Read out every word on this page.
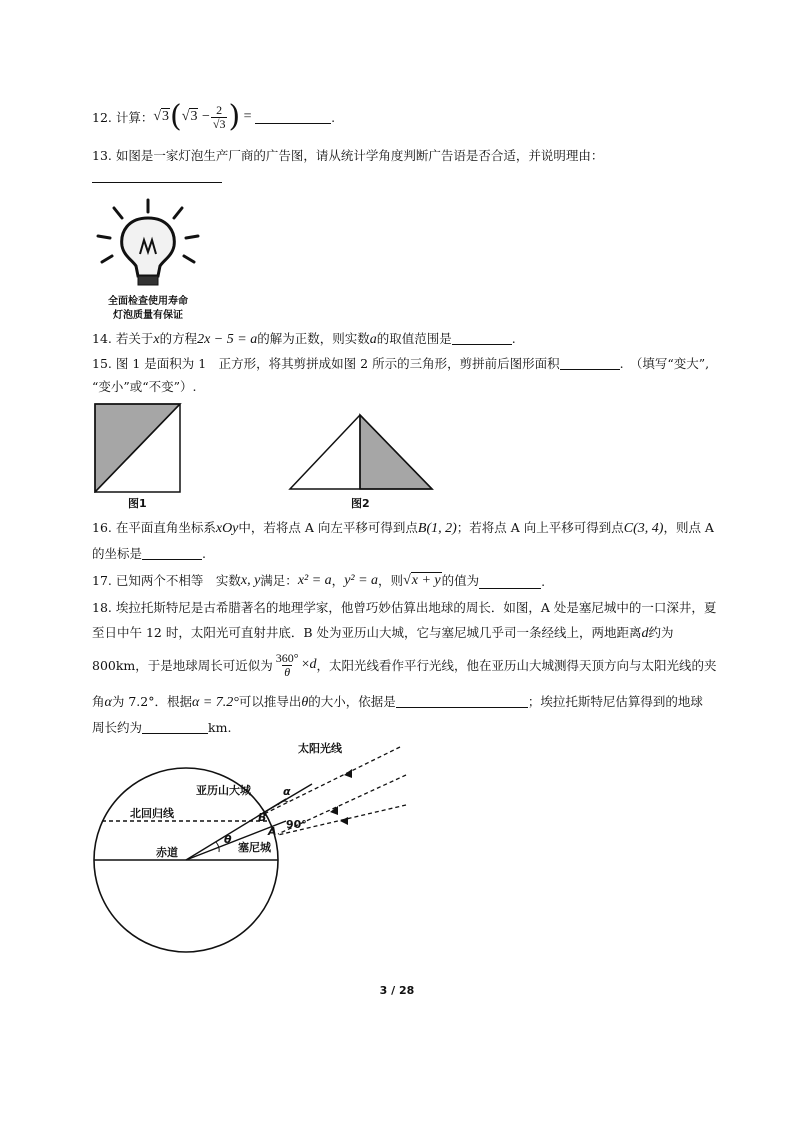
12. 计算： √3 ( $√3 - \frac{2}{√3}$ ) =	.
13. 如图是一家灯泡生产厂商的广告图，请从统计学角度判断广告语是否合适，并说明理由：
全面检查使用寿命
灯泡质量有保证
14. 若关于x的方程2x − 5 = a的解为正数，则实数a的取值范围是	.
15. 图 1 是面积为 1　正方形，将其剪拼成如图 2 所示的三角形，剪拼前后图形面积	.　（填写“变大”,
“变小”或“不变”）.
图1	图2
16. 在平面直角坐标系xOy中，若将点 A 向左平移可得到点B(1, 2)；若将点 A 向上平移可得到点C(3, 4)，则点 A
的坐标是	.
17. 已知两个不相等　实数 x, y 满足： x² = a ， y² = a ，则 √x + y 的值为	.
18. 埃拉托斯特尼是古希腊著名的地理学家，他曾巧妙估算出地球的周长．如图，A 处是塞尼城中的一口深井，夏
至日中午 12 时，太阳光可直射井底．B 处为亚历山大城，它与塞尼城几乎司一条经线上，两地距离d约为
800km，于是地球周长可近似为 $\frac{360^\circ}{\theta} \times d$ ，太阳光线看作平行光线，他在亚历山大城测得天顶方向与太阳光线的夹
角α为 7.2°．根据α = 7.2°可以推导出θ的大小，依据是	；埃拉托斯特尼估算得到的地球
周长约为	km.
太阳光线
北回归线
亚历山大城
赤道	塞尼城
B
A
90°
θ
α
3 / 28
